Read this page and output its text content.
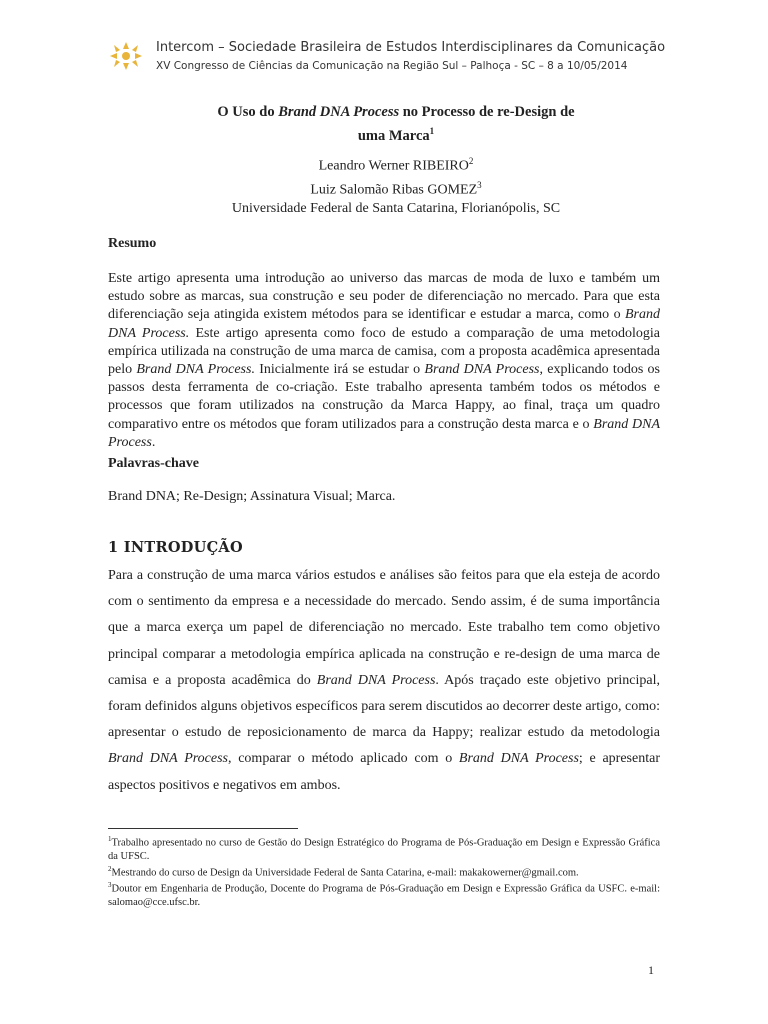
Intercom – Sociedade Brasileira de Estudos Interdisciplinares da Comunicação
XV Congresso de Ciências da Comunicação na Região Sul – Palhoça - SC – 8 a 10/05/2014
O Uso do Brand DNA Process no Processo de re-Design de
uma Marca$^1$
Leandro Werner RIBEIRO$^2$
Luiz Salomão Ribas GOMEZ$^3$
Universidade Federal de Santa Catarina, Florianópolis, SC
Resumo
Este artigo apresenta uma introdução ao universo das marcas de moda de luxo e também um estudo sobre as marcas, sua construção e seu poder de diferenciação no mercado. Para que esta diferenciação seja atingida existem métodos para se identificar e estudar a marca, como o Brand DNA Process. Este artigo apresenta como foco de estudo a comparação de uma metodologia empírica utilizada na construção de uma marca de camisa, com a proposta acadêmica apresentada pelo Brand DNA Process. Inicialmente irá se estudar o Brand DNA Process, explicando todos os passos desta ferramenta de co-criação. Este trabalho apresenta também todos os métodos e processos que foram utilizados na construção da Marca Happy, ao final, traça um quadro comparativo entre os métodos que foram utilizados para a construção desta marca e o Brand DNA Process.
Palavras-chave
Brand DNA; Re-Design; Assinatura Visual; Marca.
1 INTRODUÇÃO
Para a construção de uma marca vários estudos e análises são feitos para que ela esteja de acordo com o sentimento da empresa e a necessidade do mercado. Sendo assim, é de suma importância que a marca exerça um papel de diferenciação no mercado. Este trabalho tem como objetivo principal comparar a metodologia empírica aplicada na construção e re-design de uma marca de camisa e a proposta acadêmica do Brand DNA Process. Após traçado este objetivo principal, foram definidos alguns objetivos específicos para serem discutidos ao decorrer deste artigo, como: apresentar o estudo de reposicionamento de marca da Happy; realizar estudo da metodologia Brand DNA Process, comparar o método aplicado com o Brand DNA Process; e apresentar aspectos positivos e negativos em ambos.

$^1$Trabalho apresentado no curso de Gestão do Design Estratégico do Programa de Pós-Graduação em Design e Expressão Gráfica da UFSC.

$^2$Mestrando do curso de Design da Universidade Federal de Santa Catarina, e-mail: makakowerner@gmail.com.

$^3$Doutor em Engenharia de Produção, Docente do Programa de Pós-Graduação em Design e Expressão Gráfica da USFC. e-mail: salomao@cce.ufsc.br.

1
